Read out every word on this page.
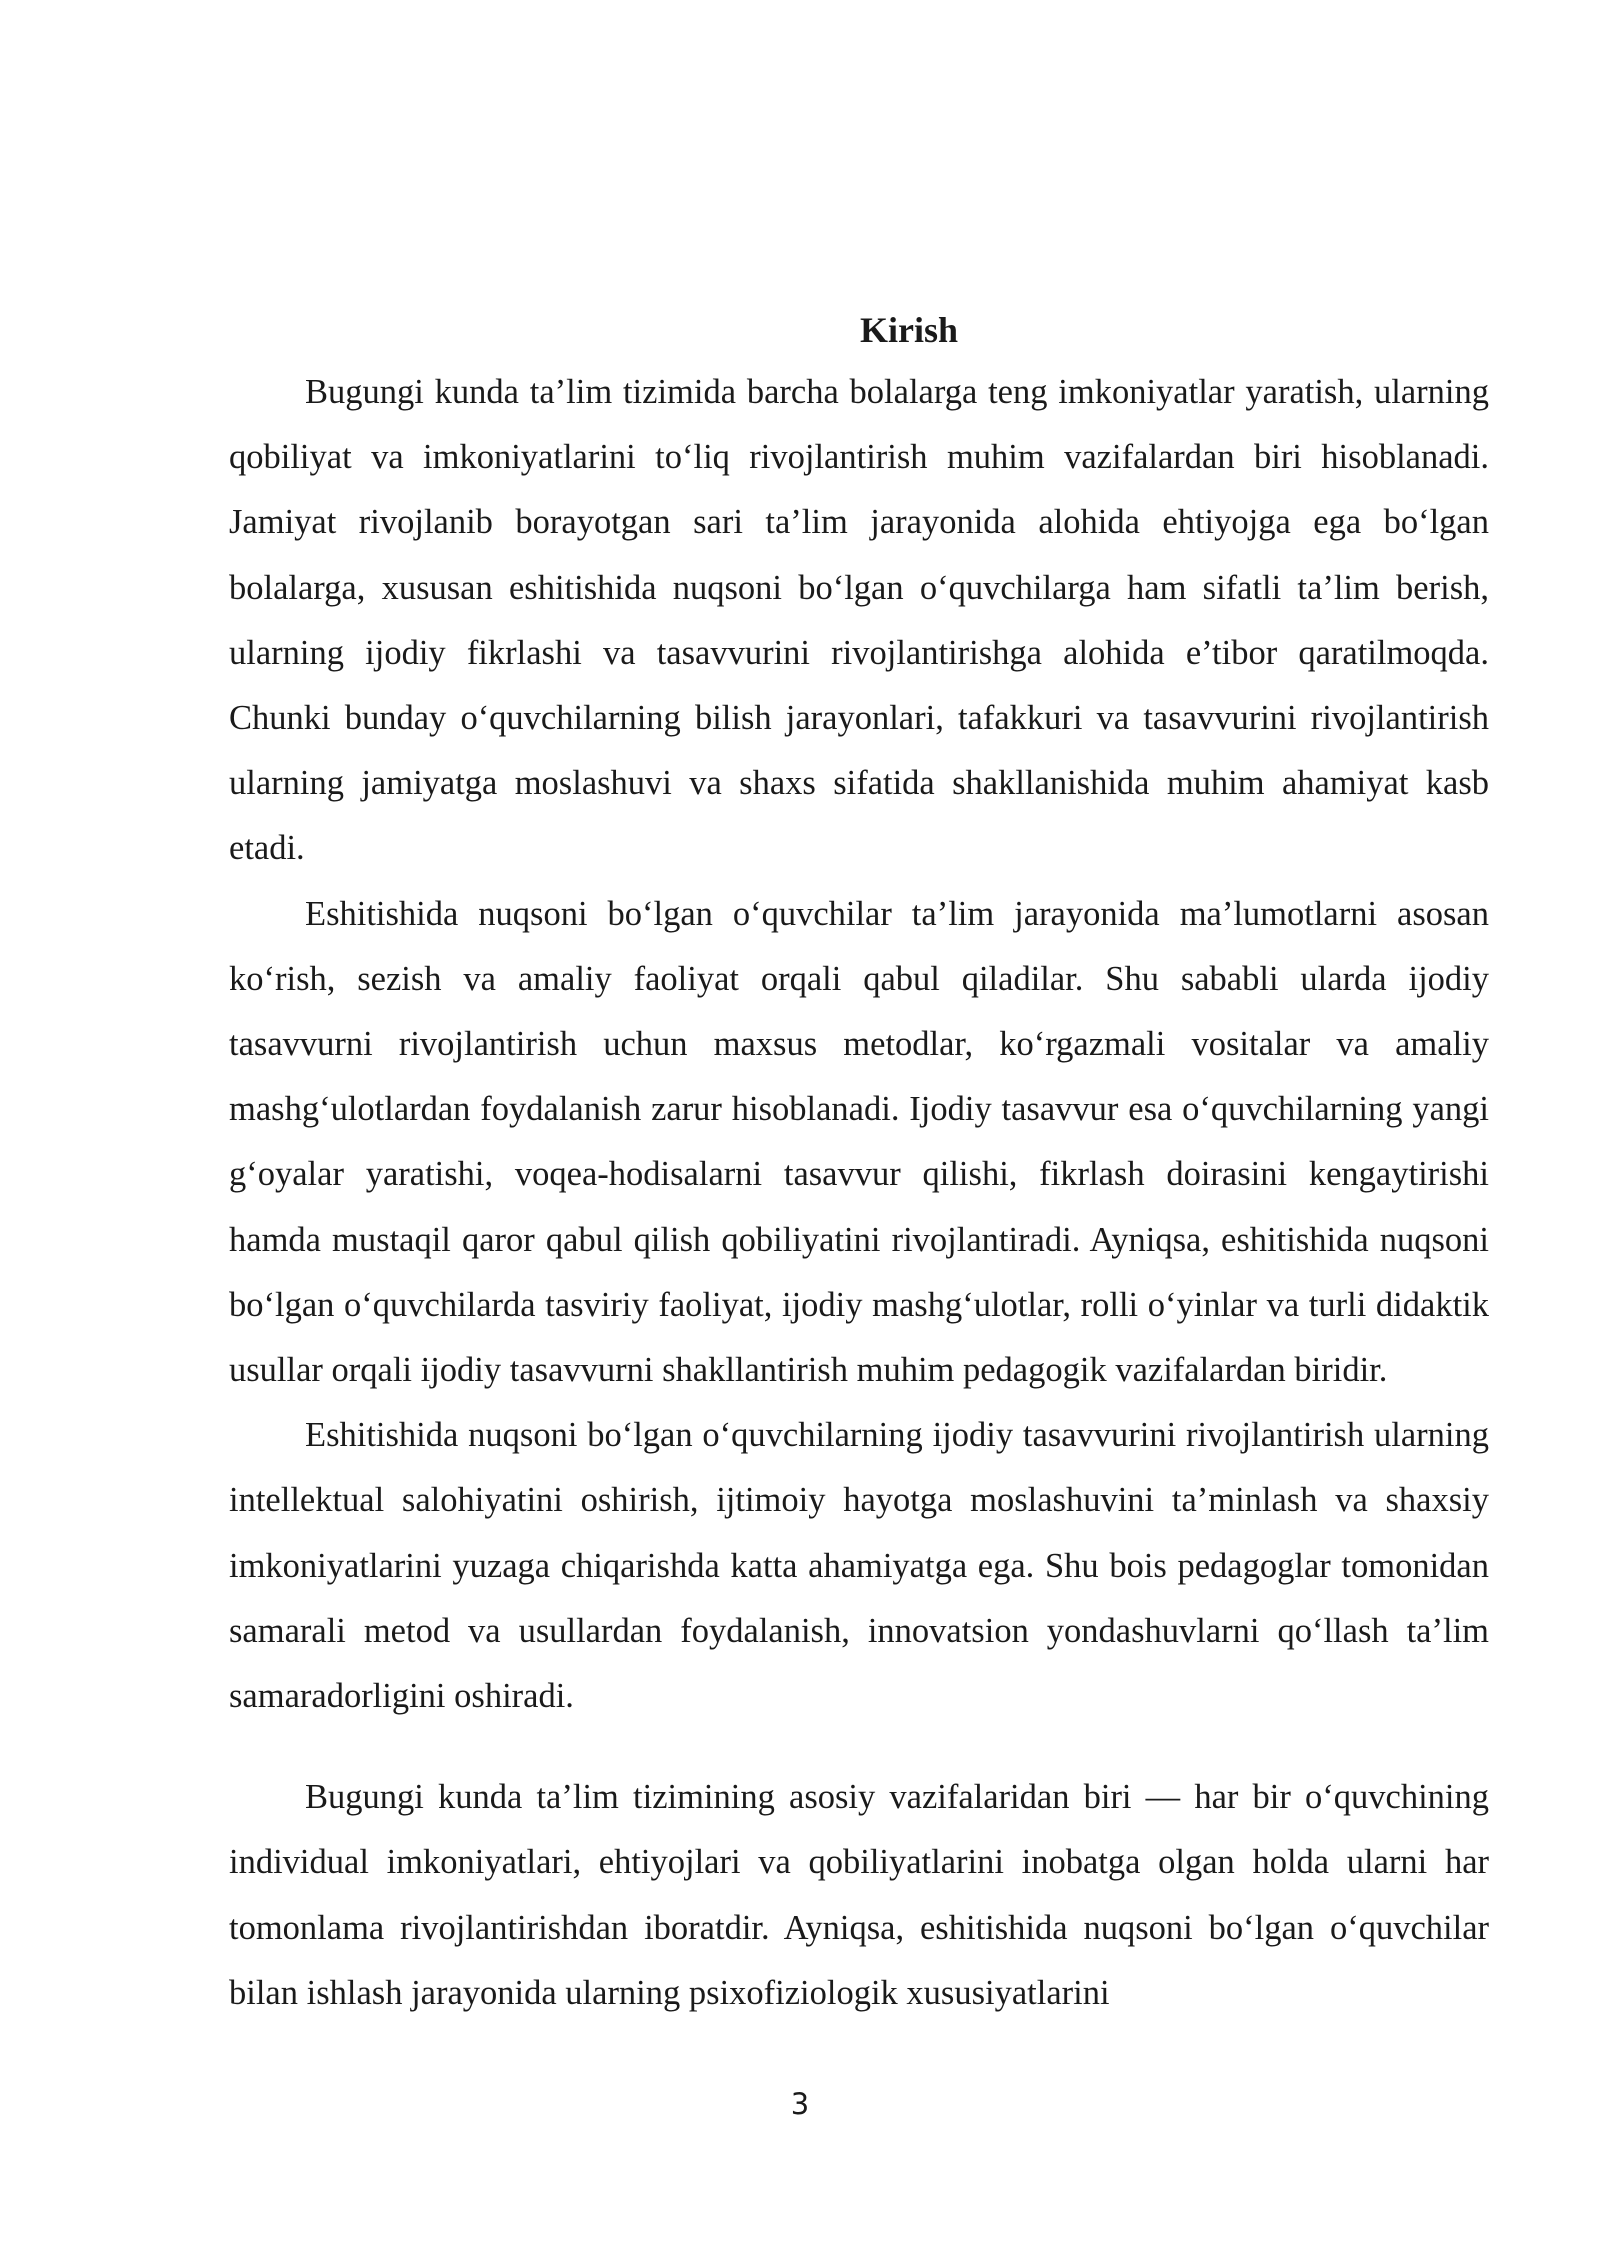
Kirish

Bugungi kunda ta’lim tizimida barcha bolalarga teng imkoniyatlar yaratish, ularning qobiliyat va imkoniyatlarini to‘liq rivojlantirish muhim vazifalardan biri hisoblanadi. Jamiyat rivojlanib borayotgan sari ta’lim jarayonida alohida ehtiyojga ega bo‘lgan bolalarga, xususan eshitishida nuqsoni bo‘lgan o‘quvchilarga ham sifatli ta’lim berish, ularning ijodiy fikrlashi va tasavvurini rivojlantirishga alohida e’tibor qaratilmoqda. Chunki bunday o‘quvchilarning bilish jarayonlari, tafakkuri va tasavvurini rivojlantirish ularning jamiyatga moslashuvi va shaxs sifatida shakllanishida muhim ahamiyat kasb etadi.

Eshitishida nuqsoni bo‘lgan o‘quvchilar ta’lim jarayonida ma’lumotlarni asosan ko‘rish, sezish va amaliy faoliyat orqali qabul qiladilar. Shu sababli ularda ijodiy tasavvurni rivojlantirish uchun maxsus metodlar, ko‘rgazmali vositalar va amaliy mashg‘ulotlardan foydalanish zarur hisoblanadi. Ijodiy tasavvur esa o‘quvchilarning yangi g‘oyalar yaratishi, voqea-hodisalarni tasavvur qilishi, fikrlash doirasini kengaytirishi hamda mustaqil qaror qabul qilish qobiliyatini rivojlantiradi. Ayniqsa, eshitishida nuqsoni bo‘lgan o‘quvchilarda tasviriy faoliyat, ijodiy mashg‘ulotlar, rolli o‘yinlar va turli didaktik usullar orqali ijodiy tasavvurni shakllantirish muhim pedagogik vazifalardan biridir.

Eshitishida nuqsoni bo‘lgan o‘quvchilarning ijodiy tasavvurini rivojlantirish ularning intellektual salohiyatini oshirish, ijtimoiy hayotga moslashuvini ta’minlash va shaxsiy imkoniyatlarini yuzaga chiqarishda katta ahamiyatga ega. Shu bois pedagoglar tomonidan samarali metod va usullardan foydalanish, innovatsion yondashuvlarni qo‘llash ta’lim samaradorligini oshiradi.

Bugungi kunda ta’lim tizimining asosiy vazifalaridan biri — har bir o‘quvchining individual imkoniyatlari, ehtiyojlari va qobiliyatlarini inobatga olgan holda ularni har tomonlama rivojlantirishdan iboratdir. Ayniqsa, eshitishida nuqsoni bo‘lgan o‘quvchilar bilan ishlash jarayonida ularning psixofiziologik xususiyatlarini

3
